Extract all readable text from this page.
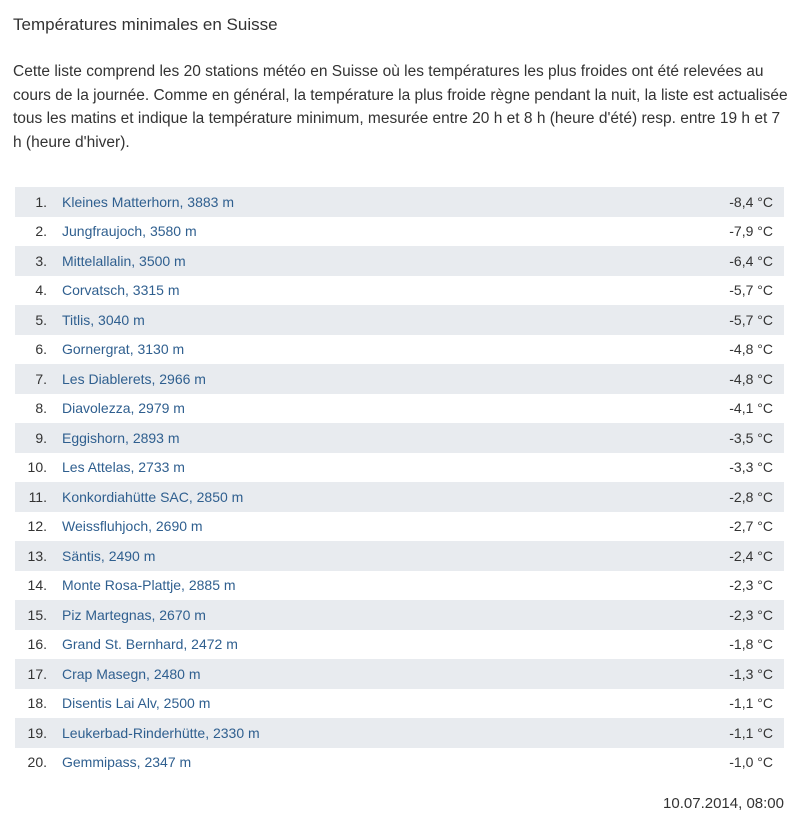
Températures minimales en Suisse

Cette liste comprend les 20 stations météo en Suisse où les températures les plus froides ont été relevées au cours de la journée. Comme en général, la température la plus froide règne pendant la nuit, la liste est actualisée tous les matins et indique la température minimum, mesurée entre 20 h et 8 h (heure d'été) resp. entre 19 h et 7 h (heure d'hiver).

1. Kleines Matterhorn, 3883 m	-8,4 °C
2. Jungfraujoch, 3580 m	-7,9 °C
3. Mittelallalin, 3500 m	-6,4 °C
4. Corvatsch, 3315 m	-5,7 °C
5. Titlis, 3040 m	-5,7 °C
6. Gornergrat, 3130 m	-4,8 °C
7. Les Diablerets, 2966 m	-4,8 °C
8. Diavolezza, 2979 m	-4,1 °C
9. Eggishorn, 2893 m	-3,5 °C
10. Les Attelas, 2733 m	-3,3 °C
11. Konkordiahütte SAC, 2850 m	-2,8 °C
12. Weissfluhjoch, 2690 m	-2,7 °C
13. Säntis, 2490 m	-2,4 °C
14. Monte Rosa-Plattje, 2885 m	-2,3 °C
15. Piz Martegnas, 2670 m	-2,3 °C
16. Grand St. Bernhard, 2472 m	-1,8 °C
17. Crap Masegn, 2480 m	-1,3 °C
18. Disentis Lai Alv, 2500 m	-1,1 °C
19. Leukerbad-Rinderhütte, 2330 m	-1,1 °C
20. Gemmipass, 2347 m	-1,0 °C
10.07.2014, 08:00
